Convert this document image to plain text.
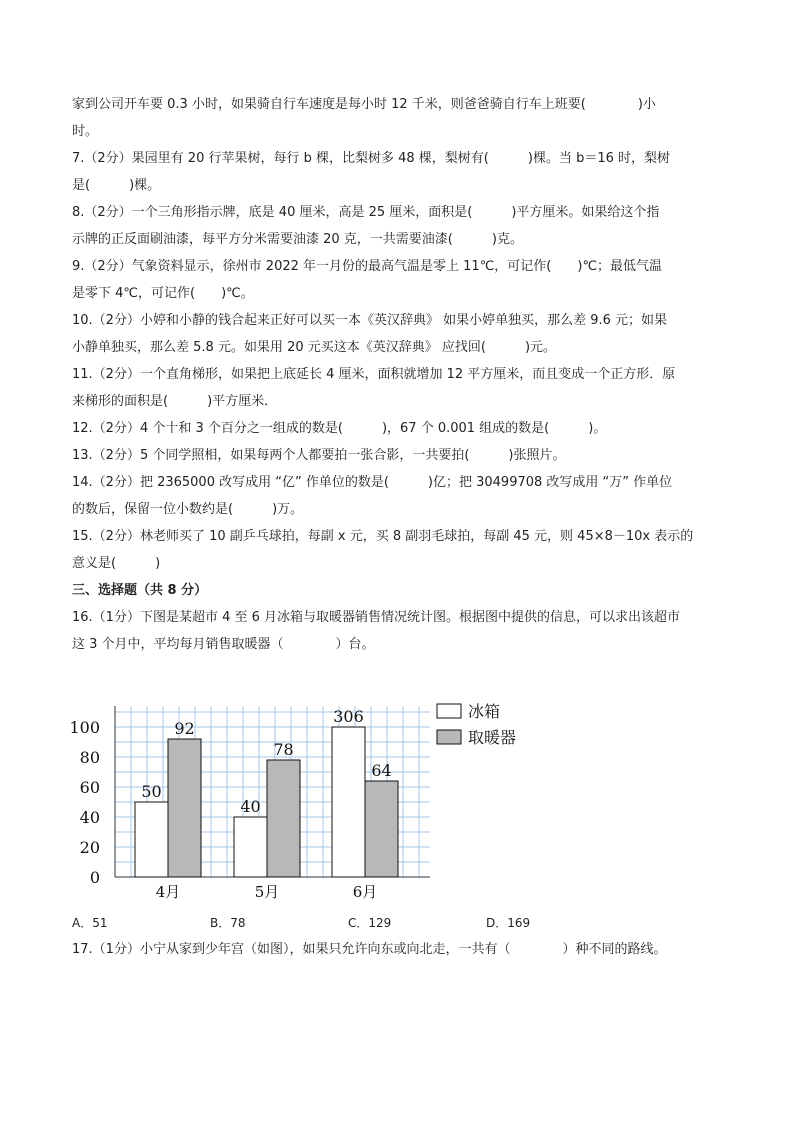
家到公司开车要 0.3 小时，如果骑自行车速度是每小时 12 千米，则爸爸骑自行车上班要(　　　　)小
时。
7.（2分）果园里有 20 行苹果树，每行 b 棵，比梨树多 48 棵，梨树有(　　　)棵。当 b＝16 时，梨树
是(　　　)棵。
8.（2分）一个三角形指示牌，底是 40 厘米，高是 25 厘米，面积是(　　　)平方厘米。如果给这个指
示牌的正反面刷油漆，每平方分米需要油漆 20 克，一共需要油漆(　　　)克。
9.（2分）气象资料显示，徐州市 2022 年一月份的最高气温是零上 11℃，可记作(　　)℃；最低气温
是零下 4℃，可记作(　　)℃。
10.（2分）小婷和小静的钱合起来正好可以买一本《英汉辞典》 如果小婷单独买，那么差 9.6 元；如果
小静单独买，那么差 5.8 元。如果用 20 元买这本《英汉辞典》 应找回(　　　)元。
11.（2分）一个直角梯形，如果把上底延长 4 厘米，面积就增加 12 平方厘米，而且变成一个正方形．原
来梯形的面积是(　　　)平方厘米．
12.（2分）4 个十和 3 个百分之一组成的数是(　　　)，67 个 0.001 组成的数是(　　　)。
13.（2分）5 个同学照相，如果每两个人都要拍一张合影，一共要拍(　　　)张照片。
14.（2分）把 2365000 改写成用 “亿” 作单位的数是(　　　)亿；把 30499708 改写成用 “万” 作单位
的数后，保留一位小数约是(　　　)万。
15.（2分）林老师买了 10 副乒乓球拍，每副 x 元，买 8 副羽毛球拍，每副 45 元，则 45×8－10x 表示的
意义是(　　　)
三、选择题（共 8 分）
16.（1分）下图是某超市 4 至 6 月冰箱与取暖器销售情况统计图。根据图中提供的信息，可以求出该超市
这 3 个月中，平均每月销售取暖器（　　　　）台。
17.（1分）小宁从家到少年宫（如图），如果只允许向东或向北走，一共有（　　　　）种不同的路线。
0
20
40
60
80
100
50
92
4月
40
78
5月
306
64
6月
冰箱
取暖器
A．51	B．78	C．129	D．169
